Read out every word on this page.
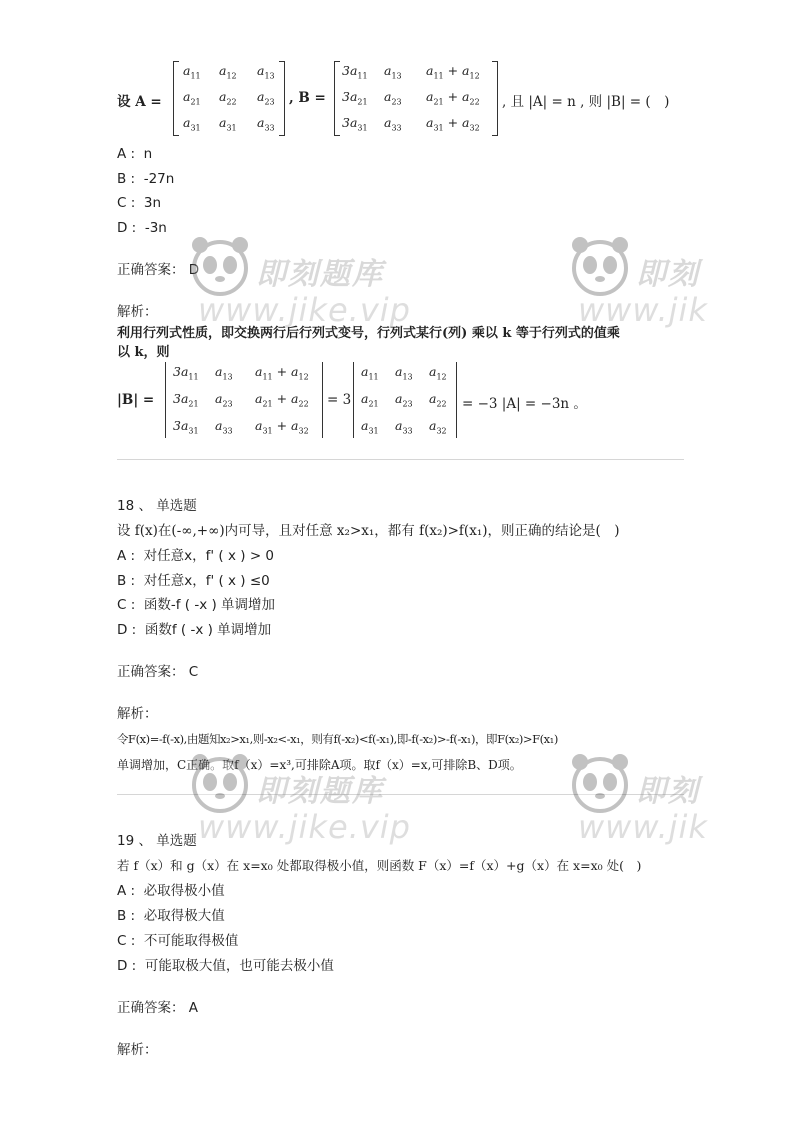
设 A =
$a_{11}$ $a_{12}$ $a_{13}$
$a_{21}$ $a_{22}$ $a_{23}$
$a_{31}$ $a_{31}$ $a_{33}$
, B =
$3a_{11}$ $a_{13}$ $a_{11} + a_{12}$
$3a_{21}$ $a_{23}$ $a_{21} + a_{22}$
$3a_{31}$ $a_{33}$ $a_{31} + a_{32}$
, 且 |A| = n , 则 |B| = (　)
A : n
B : -27n
C : 3n
D : -3n
正确答案： D
解析：
利用行列式性质，即交换两行后行列式变号，行列式某行(列) 乘以 k 等于行列式的值乘
以 k，则
|B| =
$3a_{11}$ $a_{13}$ $a_{11} + a_{12}$
$3a_{21}$ $a_{23}$ $a_{21} + a_{22}$
$3a_{31}$ $a_{33}$ $a_{31} + a_{32}$
= 3
$a_{11}$ $a_{13}$ $a_{12}$
$a_{21}$ $a_{23}$ $a_{22}$
$a_{31}$ $a_{33}$ $a_{32}$
= −3 |A| = −3n 。
18 、 单选题
设 f(x)在(-∞,+∞)内可导，且对任意 x₂>x₁，都有 f(x₂)>f(x₁)，则正确的结论是(　)
A : 对任意x，f' ( x ) > 0
B : 对任意x，f' ( x ) ≤0
C : 函数-f ( -x ) 单调增加
D : 函数f ( -x ) 单调增加
正确答案： C
解析：
令F(x)=-f(-x),由题知x₂>x₁,则-x₂<-x₁，则有f(-x₂)<f(-x₁),即-f(-x₂)>-f(-x₁)，即F(x₂)>F(x₁)
单调增加，C正确。取f（x）=x³,可排除A项。取f（x）=x,可排除B、D项。
19 、 单选题
若 f（x）和 g（x）在 x=x₀ 处都取得极小值，则函数 F（x）=f（x）+g（x）在 x=x₀ 处(　)
A : 必取得极小值
B : 必取得极大值
C : 不可能取得极值
D : 可能取极大值，也可能去极小值
正确答案： A
解析：
即刻题库
www.jike.vip
即刻
www.jik
即刻题库
www.jike.vip
即刻
www.jik
